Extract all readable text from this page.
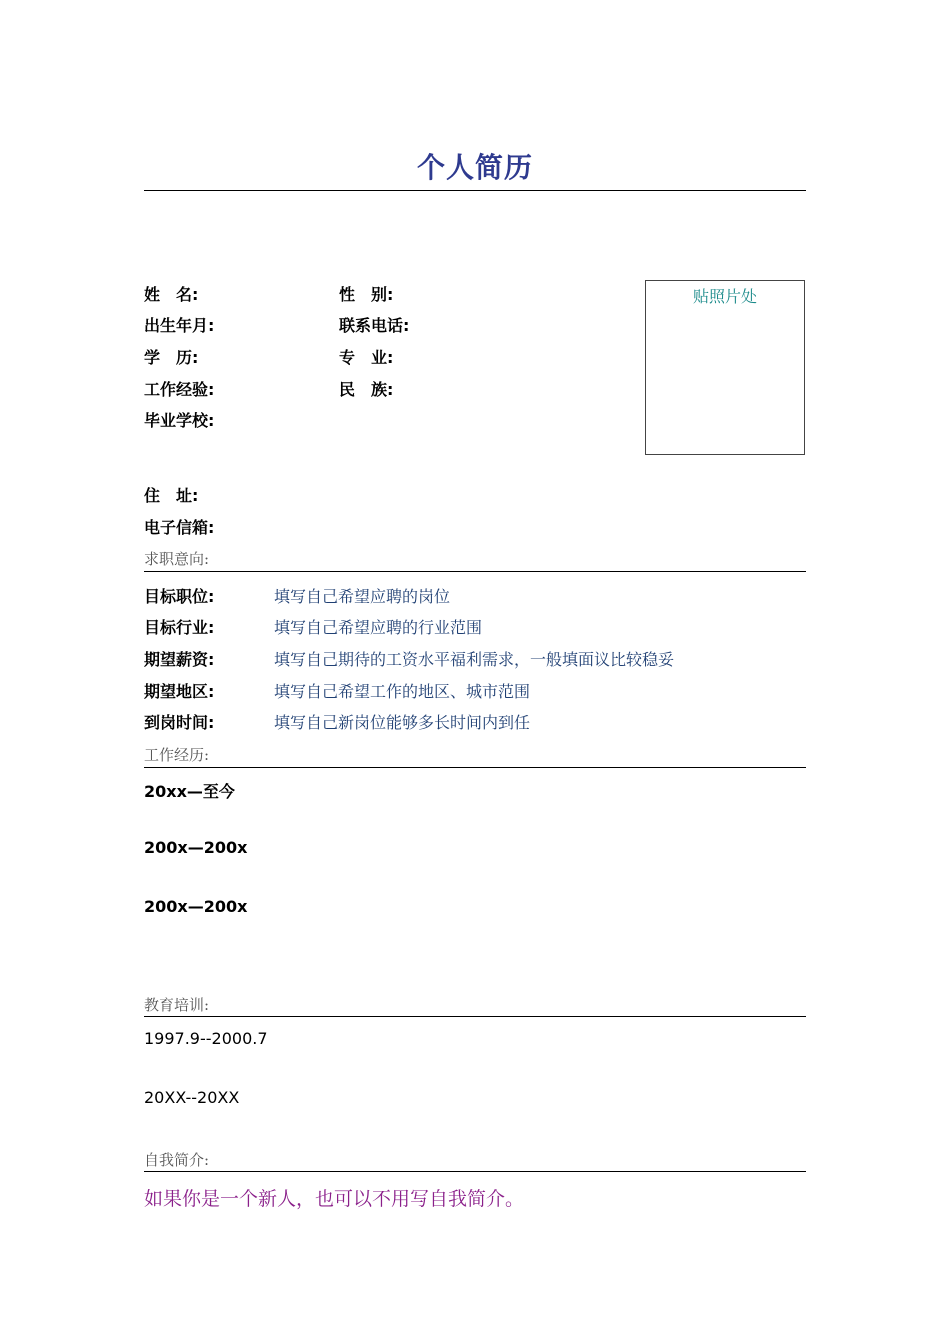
个人简历
姓　名:	性　别:
出生年月:	联系电话:
学　历:	专　业:
工作经验:	民　族:
毕业学校:
贴照片处
住　址:
电子信箱:
求职意向:
目标职位:	填写自己希望应聘的岗位
目标行业:	填写自己希望应聘的行业范围
期望薪资:	填写自己期待的工资水平福利需求，一般填面议比较稳妥
期望地区:	填写自己希望工作的地区、城市范围
到岗时间:	填写自己新岗位能够多长时间内到任
工作经历:
20xx—至今
200x—200x
200x—200x
教育培训:
1997.9--2000.7
20XX--20XX
自我简介:
如果你是一个新人，也可以不用写自我简介。
